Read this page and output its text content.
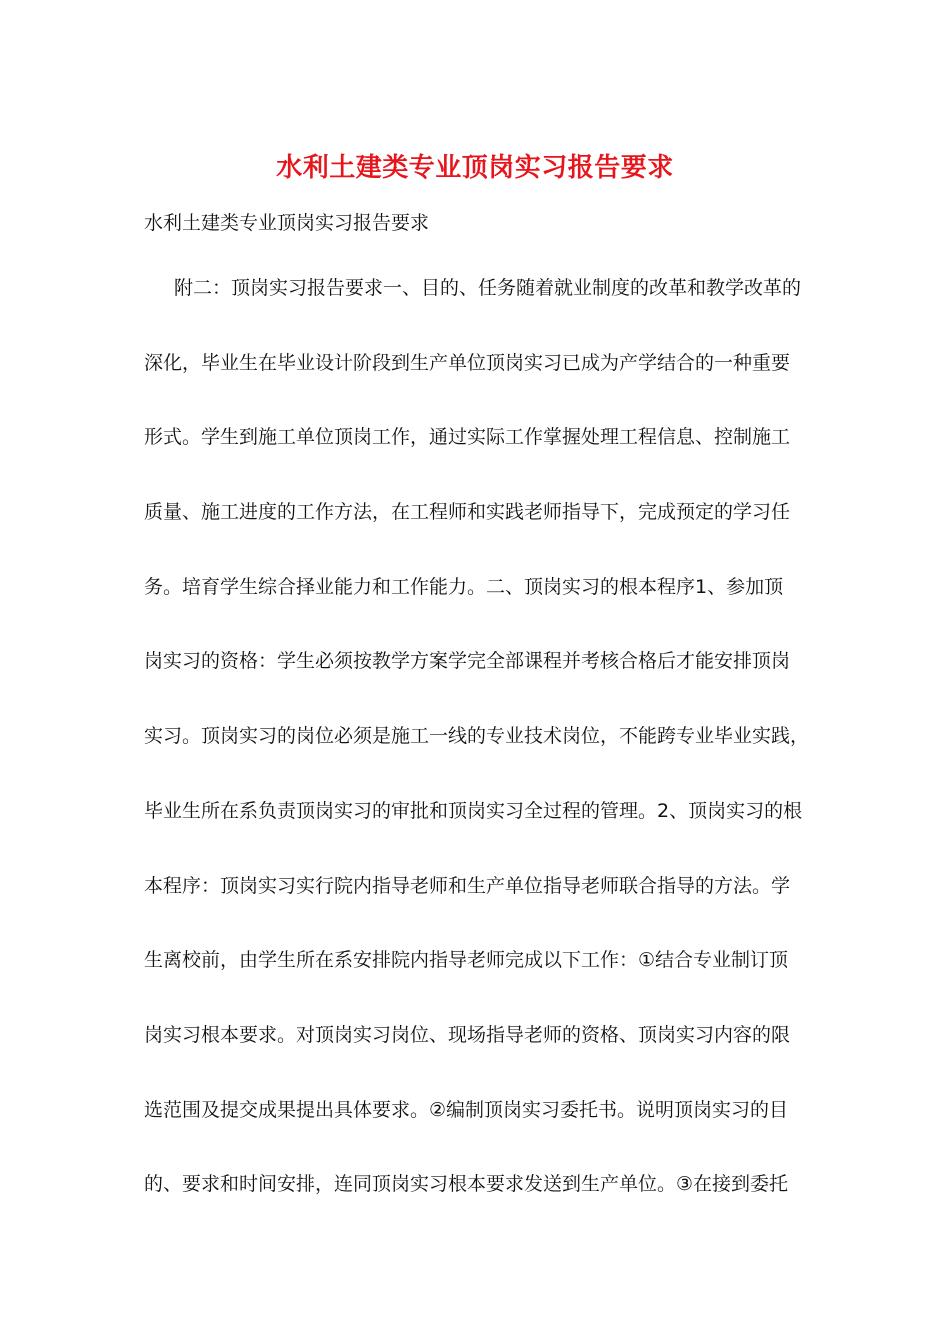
水利土建类专业顶岗实习报告要求
水利土建类专业顶岗实习报告要求
附二：顶岗实习报告要求一、目的、任务随着就业制度的改革和教学改革的
深化，毕业生在毕业设计阶段到生产单位顶岗实习已成为产学结合的一种重要
形式。学生到施工单位顶岗工作，通过实际工作掌握处理工程信息、控制施工
质量、施工进度的工作方法，在工程师和实践老师指导下，完成预定的学习任
务。培育学生综合择业能力和工作能力。二、顶岗实习的根本程序1、参加顶
岗实习的资格：学生必须按教学方案学完全部课程并考核合格后才能安排顶岗
实习。顶岗实习的岗位必须是施工一线的专业技术岗位，不能跨专业毕业实践，
毕业生所在系负责顶岗实习的审批和顶岗实习全过程的管理。2、顶岗实习的根
本程序：顶岗实习实行院内指导老师和生产单位指导老师联合指导的方法。学
生离校前，由学生所在系安排院内指导老师完成以下工作：①结合专业制订顶
岗实习根本要求。对顶岗实习岗位、现场指导老师的资格、顶岗实习内容的限
选范围及提交成果提出具体要求。②编制顶岗实习委托书。说明顶岗实习的目
的、要求和时间安排，连同顶岗实习根本要求发送到生产单位。③在接到委托
